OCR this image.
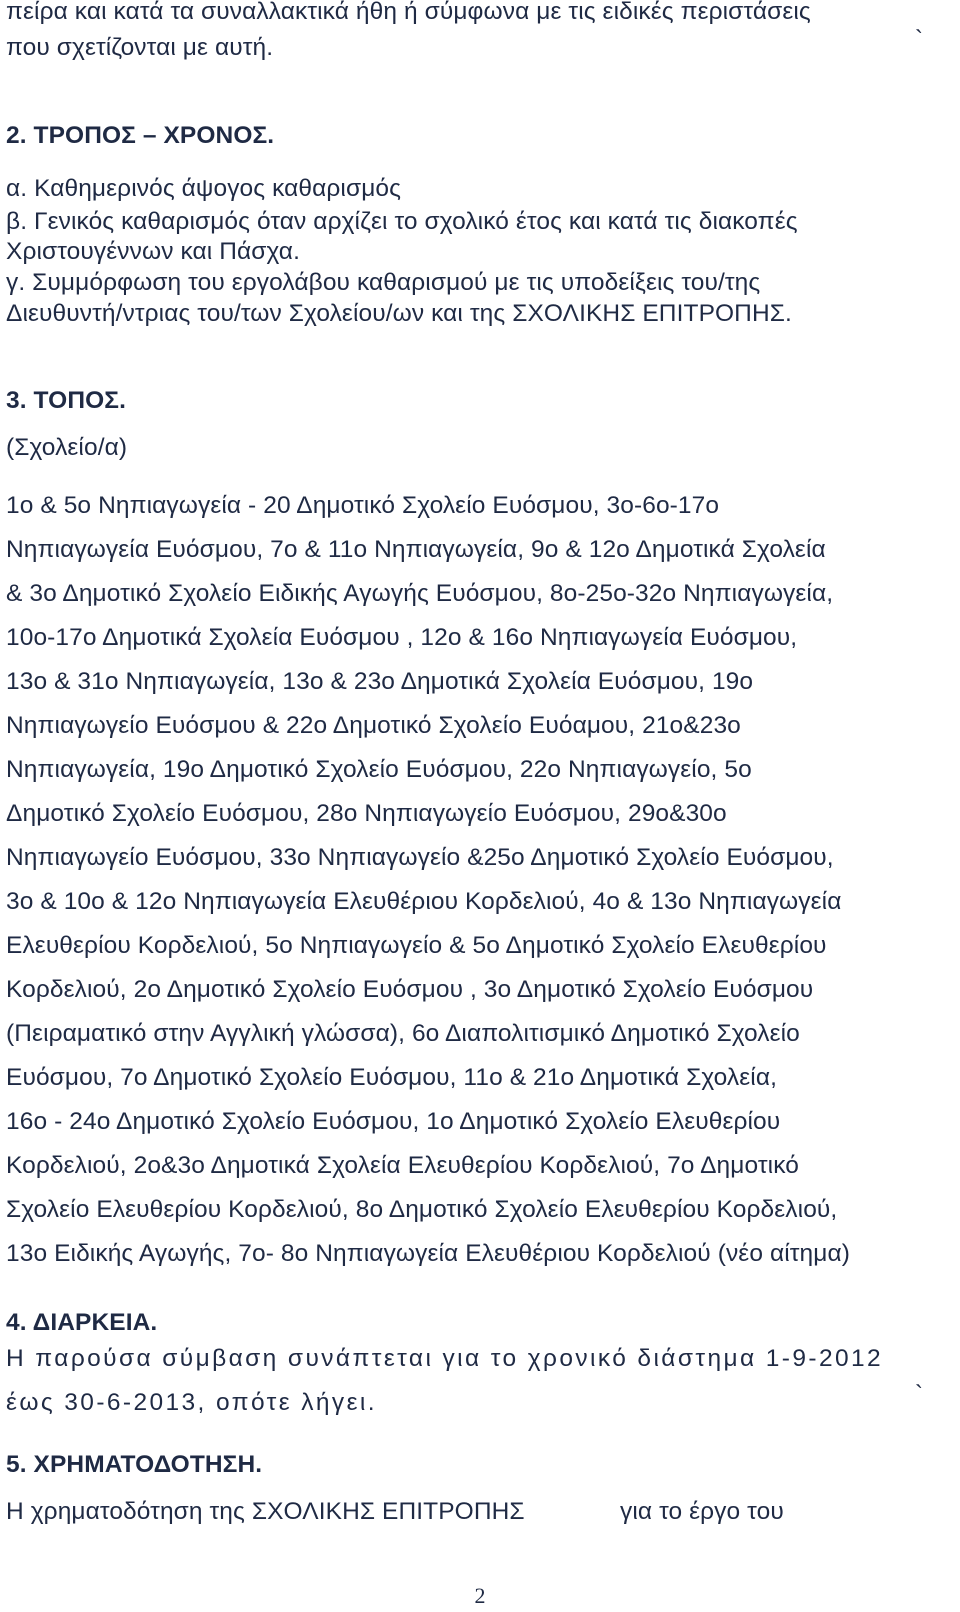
πείρα και κατά τα συναλλακτικά ήθη ή σύμφωνα με τις ειδικές περιστάσεις
που σχετίζονται με αυτή.	`
2. ΤΡΟΠΟΣ – ΧΡΟΝΟΣ.
α. Καθημερινός άψογος καθαρισμός
β. Γενικός καθαρισμός όταν αρχίζει το σχολικό έτος και κατά τις διακοπές
Χριστουγέννων και Πάσχα.
γ. Συμμόρφωση του εργολάβου καθαρισμού με τις υποδείξεις του/της
Διευθυντή/ντριας του/των Σχολείου/ων και της ΣΧΟΛΙΚΗΣ ΕΠΙΤΡΟΠΗΣ.
3. ΤΟΠΟΣ.
(Σχολείο/α)
1ο & 5ο Νηπιαγωγεία - 20 Δημοτικό Σχολείο Ευόσμου, 3ο-6ο-17ο
Νηπιαγωγεία Ευόσμου, 7ο & 11ο Νηπιαγωγεία, 9ο & 12ο Δημοτικά Σχολεία
& 3ο Δημοτικό Σχολείο Ειδικής Αγωγής Ευόσμου, 8ο-25ο-32ο Νηπιαγωγεία,
10ο-17ο Δημοτικά Σχολεία Ευόσμου , 12ο & 16ο Νηπιαγωγεία Ευόσμου,
13ο & 31ο Νηπιαγωγεία, 13ο & 23ο Δημοτικά Σχολεία Ευόσμου, 19ο
Νηπιαγωγείο Ευόσμου & 22ο Δημοτικό Σχολείο Ευόαμου, 21ο&23ο
Νηπιαγωγεία, 19ο Δημοτικό Σχολείο Ευόσμου, 22ο Νηπιαγωγείο, 5ο
Δημοτικό Σχολείο Ευόσμου, 28ο Νηπιαγωγείο Ευόσμου, 29ο&30ο
Νηπιαγωγείο Ευόσμου, 33ο Νηπιαγωγείο &25ο Δημοτικό Σχολείο Ευόσμου,
3ο & 10ο & 12ο Νηπιαγωγεία Ελευθέριου Κορδελιού, 4ο & 13ο Νηπιαγωγεία
Ελευθερίου Κορδελιού, 5ο Νηπιαγωγείο & 5ο Δημοτικό Σχολείο Ελευθερίου
Κορδελιού, 2ο Δημοτικό Σχολείο Ευόσμου , 3ο Δημοτικό Σχολείο Ευόσμου
(Πειραματικό στην Αγγλική γλώσσα), 6ο Διαπολιτισμικό Δημοτικό Σχολείο
Ευόσμου, 7ο Δημοτικό Σχολείο Ευόσμου, 11ο & 21ο Δημοτικά Σχολεία,
16ο - 24ο Δημοτικό Σχολείο Ευόσμου, 1ο Δημοτικό Σχολείο Ελευθερίου
Κορδελιού, 2ο&3ο Δημοτικά Σχολεία Ελευθερίου Κορδελιού, 7ο Δημοτικό
Σχολείο Ελευθερίου Κορδελιού, 8ο Δημοτικό Σχολείο Ελευθερίου Κορδελιού,
13ο Ειδικής Αγωγής, 7ο- 8ο Νηπιαγωγεία Ελευθέριου Κορδελιού (νέο αίτημα)
4. ΔΙΑΡΚΕΙΑ.
Η παρούσα σύμβαση συνάπτεται για το χρονικό διάστημα 1-9-2012
έως 30-6-2013, οπότε λήγει.	`
5. ΧΡΗΜΑΤΟΔΟΤΗΣΗ.
Η χρηματοδότηση της ΣΧΟΛΙΚΗΣ ΕΠΙΤΡΟΠΗΣ	για το έργο του
2
